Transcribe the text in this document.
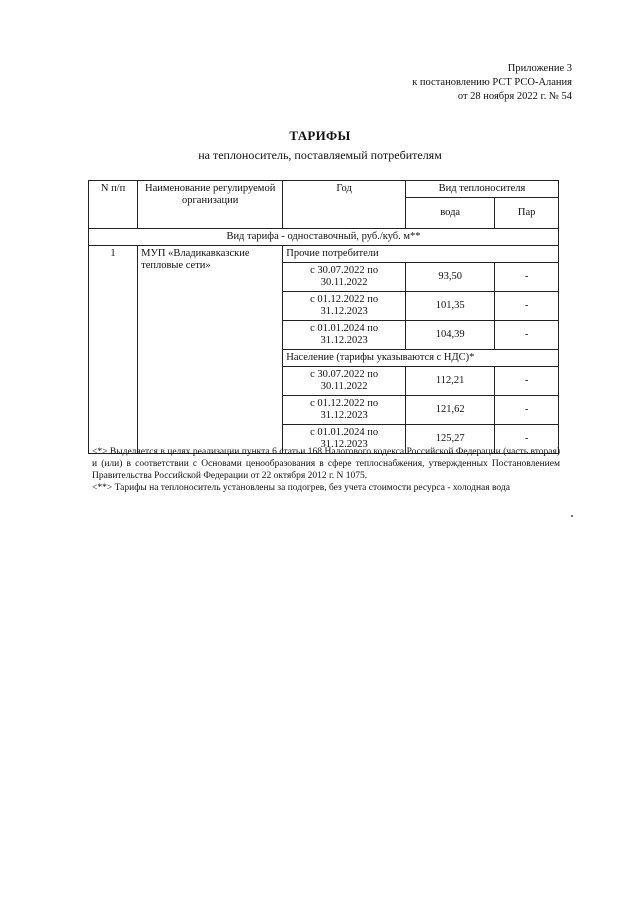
Приложение 3
к постановлению РСТ РСО-Алания
от 28 ноября 2022 г. № 54
ТАРИФЫ
на теплоноситель, поставляемый потребителям
N п/п	Наименование регулируемой организации	Год	Вид теплоносителя	
			вода	Пар
Вид тарифа - одноставочный, руб./куб. м**				
1	МУП «Владикавказские тепловые сети»	Прочие потребители		
		с 30.07.2022 по 30.11.2022	93,50	-
		с 01.12.2022 по 31.12.2023	101,35	-
		с 01.01.2024 по 31.12.2023	104,39	-
		Население (тарифы указываются с НДС)*		
		с 30.07.2022 по 30.11.2022	112,21	-
		с 01.12.2022 по 31.12.2023	121,62	-
		с 01.01.2024 по 31.12.2023	125,27	-

<*> Выделяется в целях реализации пункта 6 статьи 168 Налогового кодекса Российской Федерации (часть вторая) и (или) в соответствии с Основами ценообразования в сфере теплоснабжения, утвержденных Постановлением Правительства Российской Федерации от 22 октября 2012 г. N 1075.

<**> Тарифы на теплоноситель установлены за подогрев, без учета стоимости ресурса - холодная вода
